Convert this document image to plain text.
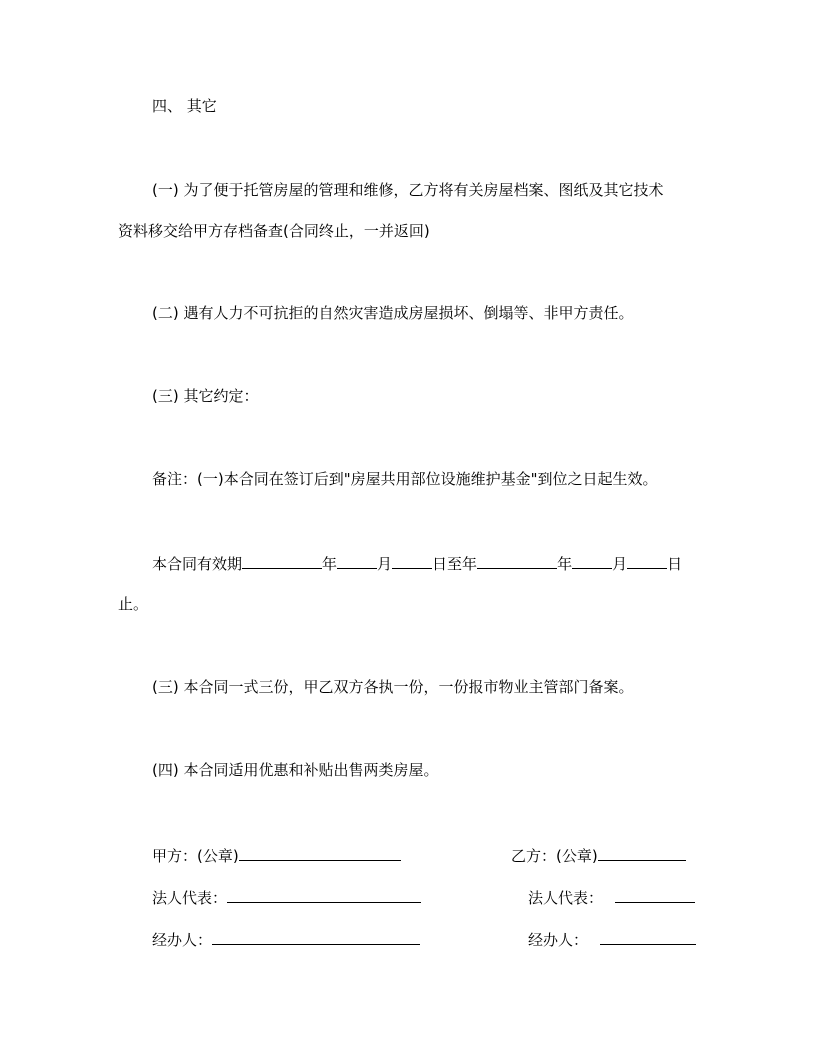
四、 其它
(一) 为了便于托管房屋的管理和维修，乙方将有关房屋档案、图纸及其它技术
资料移交给甲方存档备查(合同终止，一并返回)
(二) 遇有人力不可抗拒的自然灾害造成房屋损坏、倒塌等、非甲方责任。
(三) 其它约定：
备注：(一)本合同在签订后到"房屋共用部位设施维护基金"到位之日起生效。
本合同有效期	年	月	日至年	年	月	日
止。
(三) 本合同一式三份，甲乙双方各执一份，一份报市物业主管部门备案。
(四) 本合同适用优惠和补贴出售两类房屋。
甲方：(公章)	乙方：(公章)
法人代表：	法人代表：
经办人：	经办人：
